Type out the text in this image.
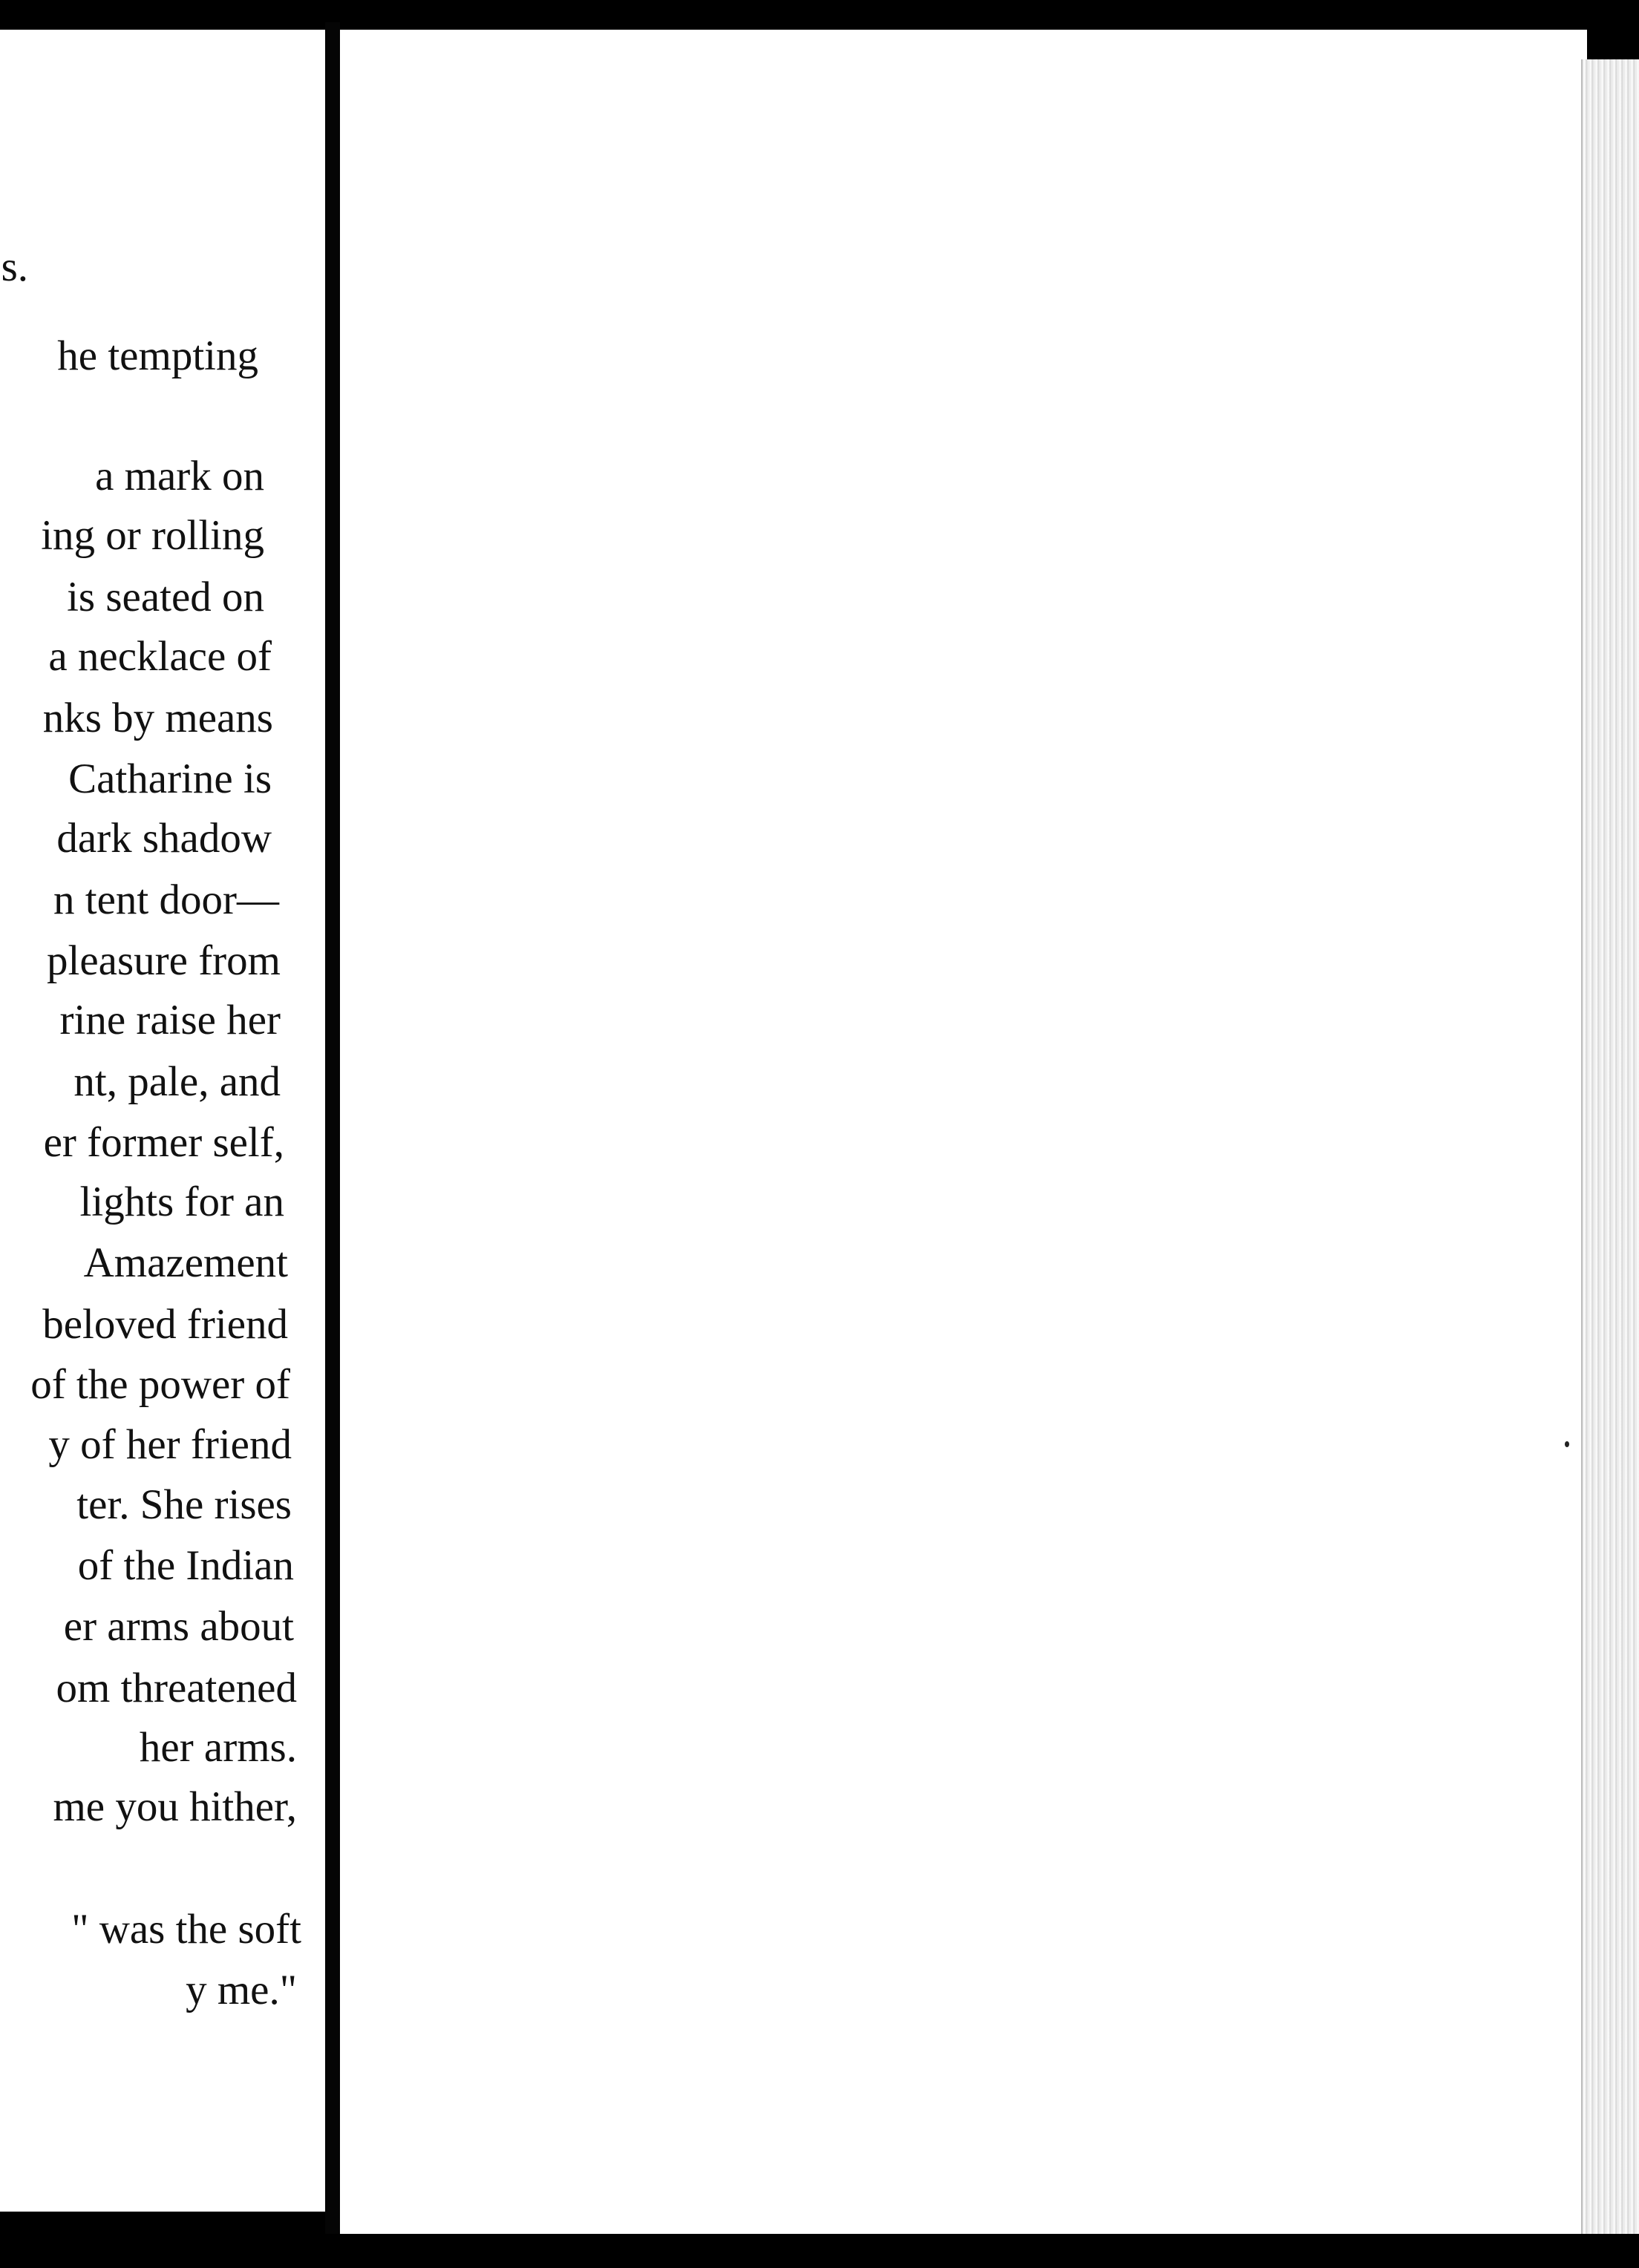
s.
he tempting
a mark on
ing or rolling
is seated on
a necklace of
nks by means
Catharine is
dark shadow
n tent door—
pleasure from
rine raise her
nt, pale, and
er former self,
lights for an
Amazement
beloved friend
of the power of
y of her friend
ter. She rises
of the Indian
er arms about
om threatened
her arms.
me you hither,
" was the soft
y me."
